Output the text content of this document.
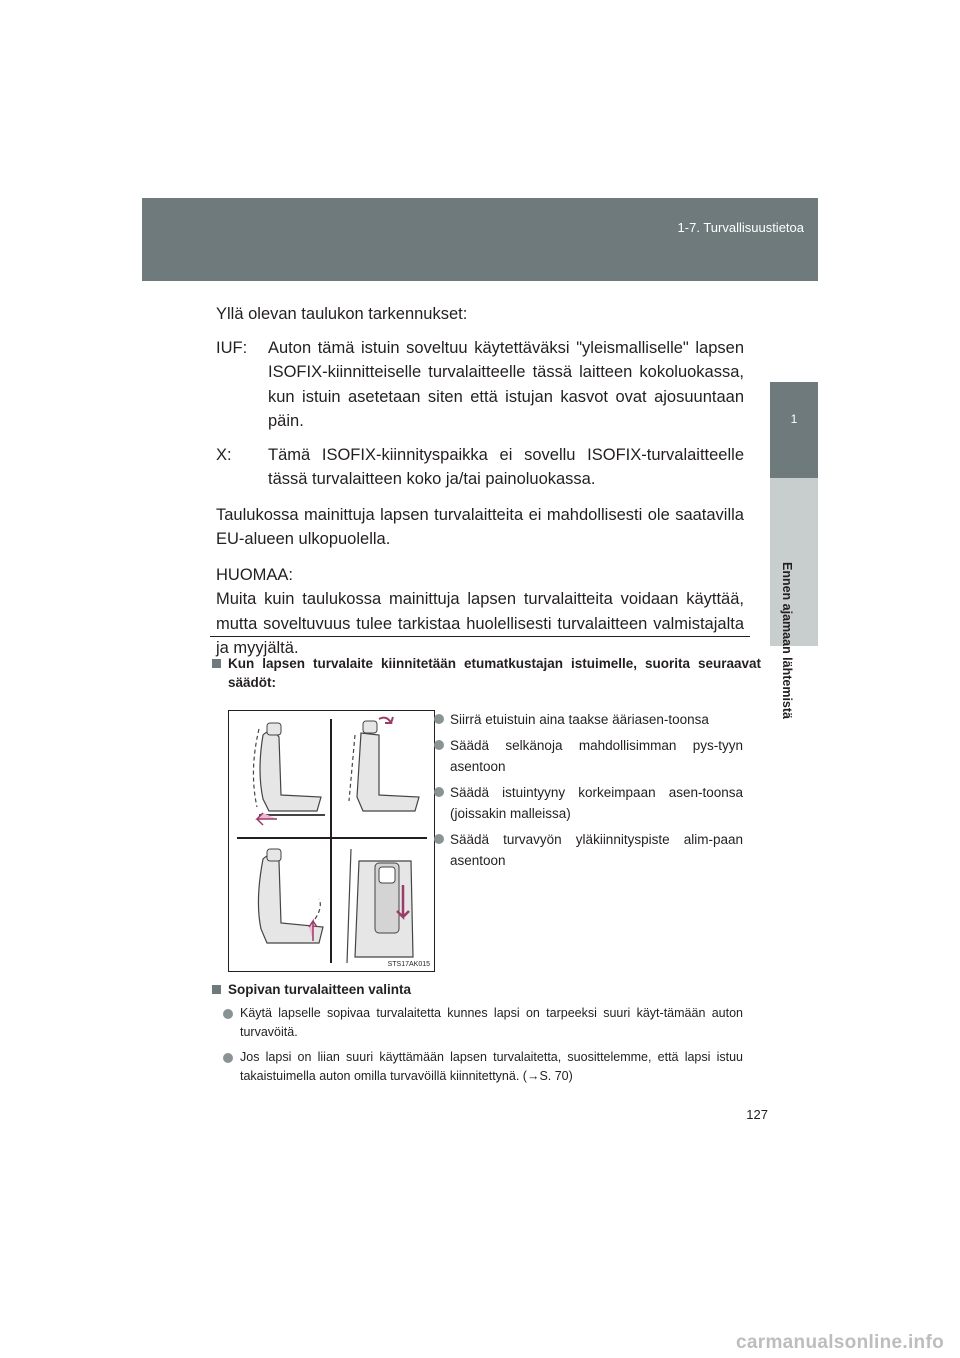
1-7. Turvallisuustietoa
1
Ennen ajamaan lähtemistä

Yllä olevan taulukon tarkennukset:

IUF: Auton tämä istuin soveltuu käytettäväksi "yleismalliselle" lapsen ISOFIX-kiinnitteiselle turvalaitteelle tässä laitteen kokoluokassa, kun istuin asetetaan siten että istujan kasvot ovat ajosuuntaan päin.

X: Tämä ISOFIX-kiinnityspaikka ei sovellu ISOFIX-turvalaitteelle tässä turvalaitteen koko ja/tai painoluokassa.

Taulukossa mainittuja lapsen turvalaitteita ei mahdollisesti ole saatavilla EU-alueen ulkopuolella.

HUOMAA:

Muita kuin taulukossa mainittuja lapsen turvalaitteita voidaan käyttää, mutta soveltuvuus tulee tarkistaa huolellisesti turvalaitteen valmistajalta ja myyjältä.

Kun lapsen turvalaite kiinnitetään etumatkustajan istuimelle, suorita seuraavat säädöt:

STS17AK015
Siirrä etuistuin aina taakse ääriasen-toonsa
Säädä selkänoja mahdollisimman pys-tyyn asentoon
Säädä istuintyyny korkeimpaan asen-toonsa (joissakin malleissa)
Säädä turvavyön yläkiinnityspiste alim-paan asentoon

Sopivan turvalaitteen valinta

Käytä lapselle sopivaa turvalaitetta kunnes lapsi on tarpeeksi suuri käyt-tämään auton turvavöitä.
Jos lapsi on liian suuri käyttämään lapsen turvalaitetta, suosittelemme, että lapsi istuu takaistuimella auton omilla turvavöillä kiinnitettynä. (→S. 70)
127
carmanualsonline.info
